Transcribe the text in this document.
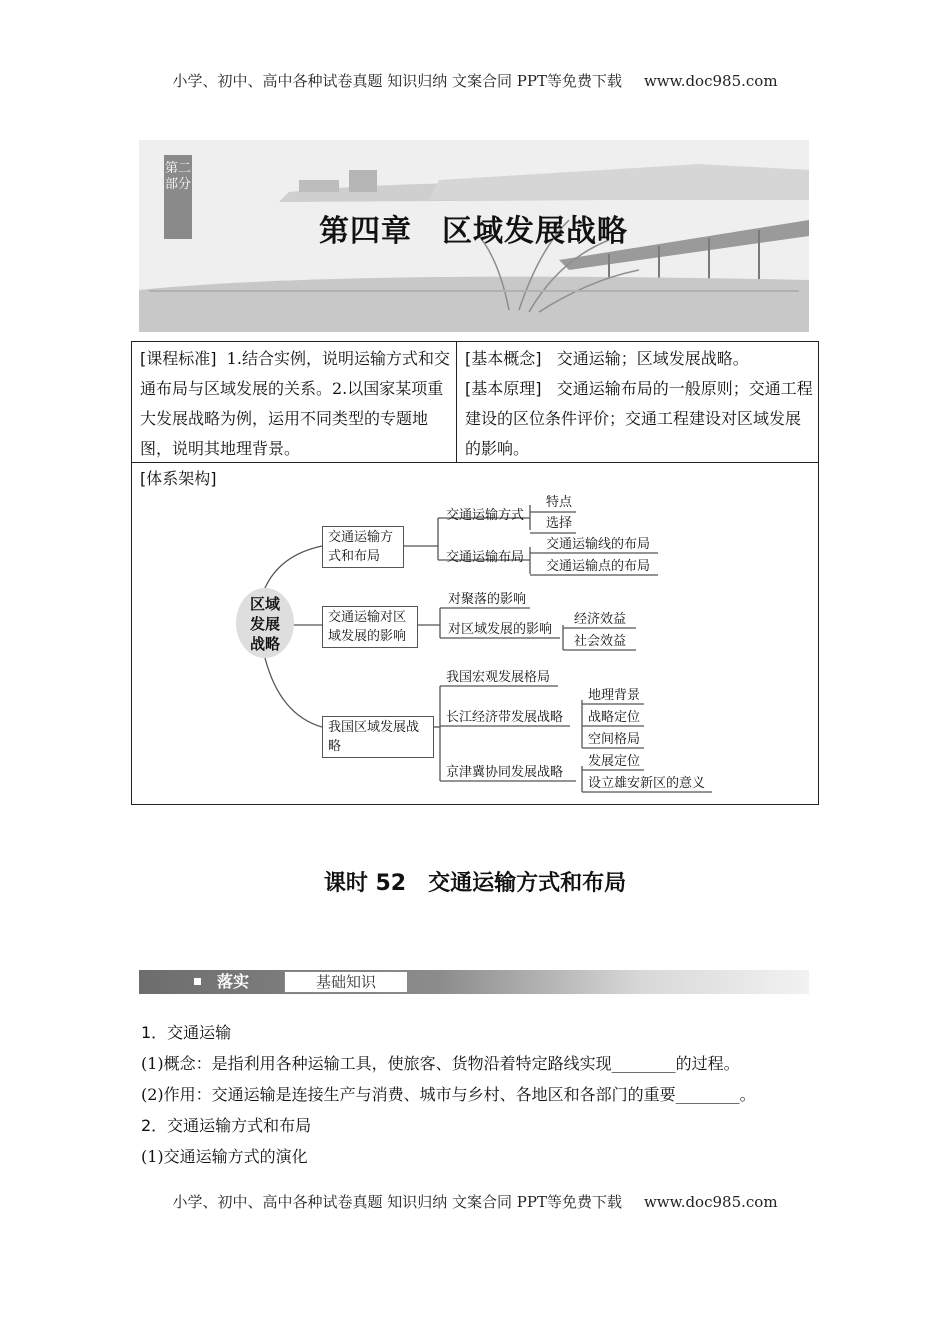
小学、初中、高中各种试卷真题 知识归纳 文案合同 PPT等免费下载 www.doc985.com
第二部分
第四章 区域发展战略
[课程标准] 1.结合实例，说明运输方式和交通布局与区域发展的关系。2.以国家某项重大发展战略为例，运用不同类型的专题地图，说明其地理背景。
[基本概念] 交通运输；区域发展战略。
[基本原理] 交通运输布局的一般原则；交通工程建设的区位条件评价；交通工程建设对区域发展的影响。
[体系架构]
区域
发展
战略
交通运输方
式和布局
交通运输方式
特点
选择
交通运输布局
交通运输线的布局
交通运输点的布局
交通运输对区
域发展的影响
对聚落的影响
对区域发展的影响
经济效益
社会效益
我国区域发展战略
我国宏观发展格局
长江经济带发展战略
地理背景
战略定位
空间格局
京津冀协同发展战略
发展定位
设立雄安新区的意义
课时 52 交通运输方式和布局
落实	基础知识
1．交通运输
(1)概念：是指利用各种运输工具，使旅客、货物沿着特定路线实现________的过程。
(2)作用：交通运输是连接生产与消费、城市与乡村、各地区和各部门的重要________。
2．交通运输方式和布局
(1)交通运输方式的演化
小学、初中、高中各种试卷真题 知识归纳 文案合同 PPT等免费下载 www.doc985.com
